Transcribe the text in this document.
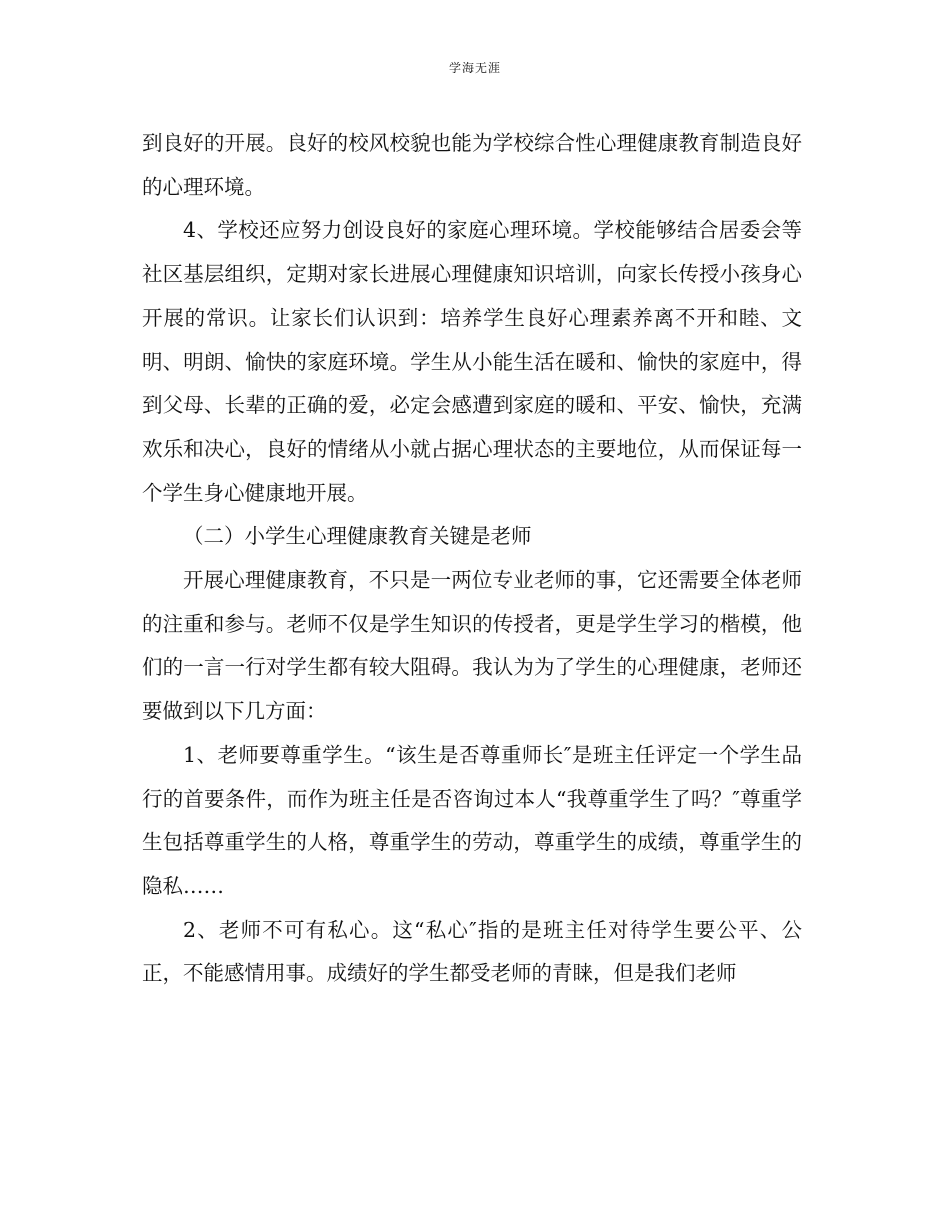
学海无涯

到良好的开展。良好的校风校貌也能为学校综合性心理健康教育制造良好的心理环境。

4、学校还应努力创设良好的家庭心理环境。学校能够结合居委会等社区基层组织，定期对家长进展心理健康知识培训，向家长传授小孩身心开展的常识。让家长们认识到：培养学生良好心理素养离不开和睦、文明、明朗、愉快的家庭环境。学生从小能生活在暖和、愉快的家庭中，得到父母、长辈的正确的爱，必定会感遭到家庭的暖和、平安、愉快，充满欢乐和决心，良好的情绪从小就占据心理状态的主要地位，从而保证每一个学生身心健康地开展。

（二）小学生心理健康教育关键是老师

开展心理健康教育，不只是一两位专业老师的事，它还需要全体老师的注重和参与。老师不仅是学生知识的传授者，更是学生学习的楷模，他们的一言一行对学生都有较大阻碍。我认为为了学生的心理健康，老师还要做到以下几方面：

1、老师要尊重学生。“该生是否尊重师长″是班主任评定一个学生品行的首要条件，而作为班主任是否咨询过本人“我尊重学生了吗？″尊重学生包括尊重学生的人格，尊重学生的劳动，尊重学生的成绩，尊重学生的隐私……

2、老师不可有私心。这“私心″指的是班主任对待学生要公平、公正，不能感情用事。成绩好的学生都受老师的青睐，但是我们老师
